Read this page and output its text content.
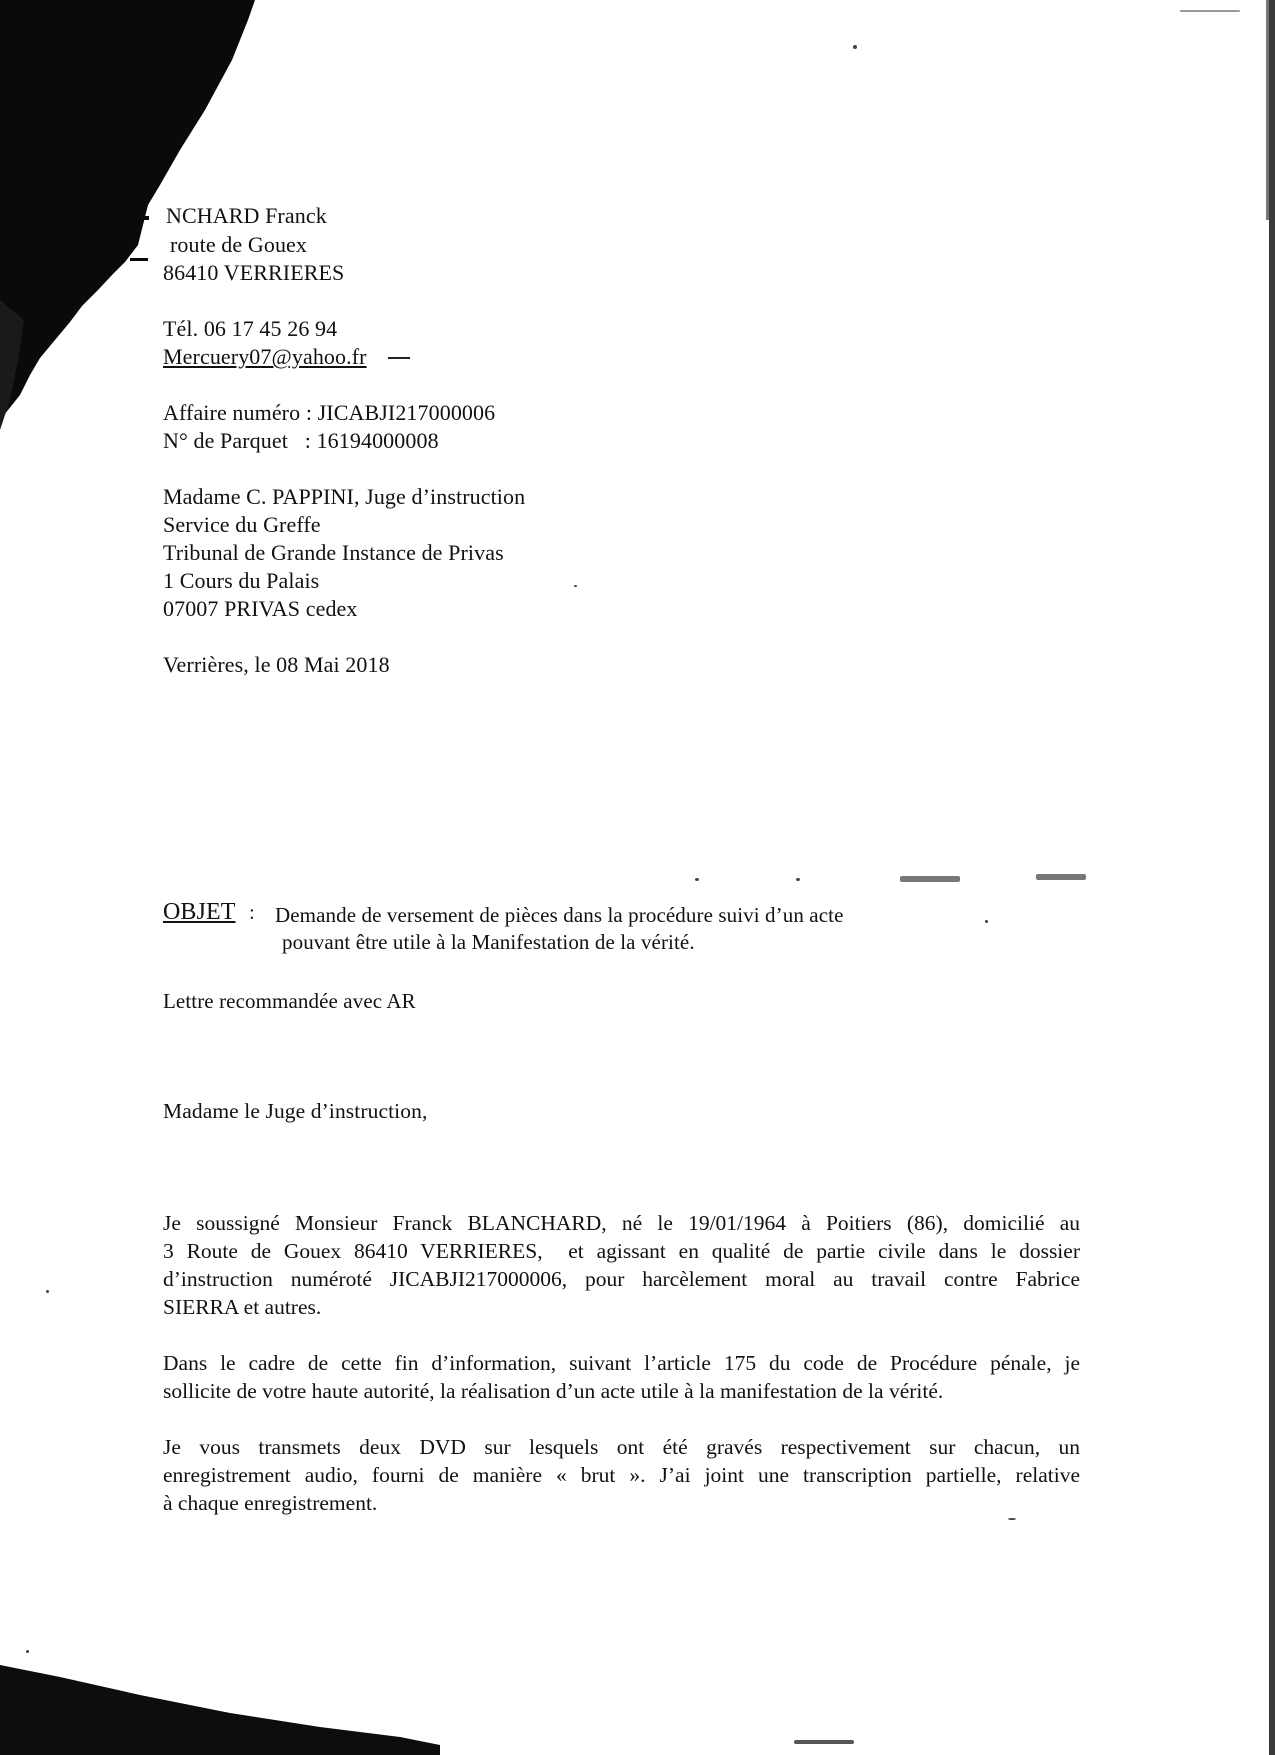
NCHARD Franck
route de Gouex
86410 VERRIERES
Tél. 06 17 45 26 94
Mercuery07@yahoo.fr
Affaire numéro : JICABJI217000006
N° de Parquet   : 16194000008
Madame C. PAPPINI, Juge d’instruction
Service du Greffe
Tribunal de Grande Instance de Privas
1 Cours du Palais
07007 PRIVAS cedex
Verrières, le 08 Mai 2018
OBJET : Demande de versement de pièces dans la procédure suivi d’un acte
pouvant être utile à la Manifestation de la vérité.
Lettre recommandée avec AR
Madame le Juge d’instruction,
Je soussigné Monsieur Franck BLANCHARD, né le 19/01/1964 à Poitiers (86), domicilié au
3 Route de Gouex 86410 VERRIERES,  et agissant en qualité de partie civile dans le dossier
d’instruction numéroté JICABJI217000006, pour harcèlement moral au travail contre Fabrice
SIERRA et autres.
Dans le cadre de cette fin d’information, suivant l’article 175 du code de Procédure pénale, je
sollicite de votre haute autorité, la réalisation d’un acte utile à la manifestation de la vérité.
Je vous transmets deux DVD sur lesquels ont été gravés respectivement sur chacun, un
enregistrement audio, fourni de manière « brut ». J’ai joint une transcription partielle, relative
à chaque enregistrement.
